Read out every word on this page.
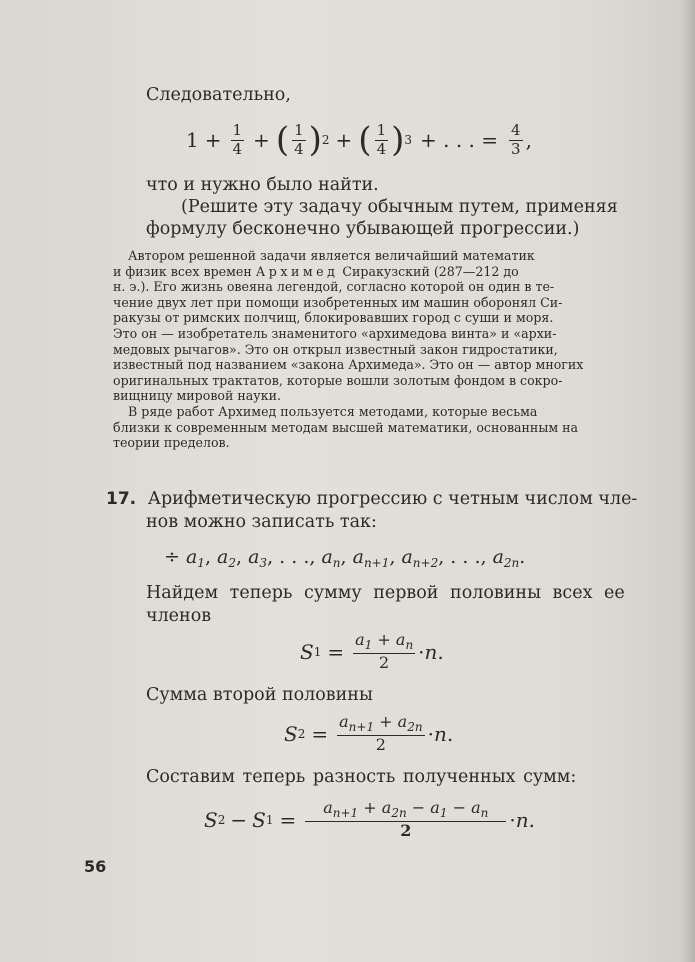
Следовательно,
$1 + \frac{1}{4}$ + ( $\frac{1}{4}$ ) 2 + ( $\frac{1}{4}$ ) 3 + . . . = $\frac{4}{3}$ ,
что и нужно было найти.
(Решите эту задачу обычным путем, применяя
формулу бесконечно убывающей прогрессии.)
Автором решенной задачи является величайший математик
и физик всех времен Архимед Сиракузский (287—212 до
н. э.). Его жизнь овеяна легендой, согласно которой он один в те-
чение двух лет при помощи изобретенных им машин оборонял Си-
ракузы от римских полчищ, блокировавших город с суши и моря.
Это он — изобретатель знаменитого «архимедова винта» и «архи-
медовых рычагов». Это он открыл известный закон гидростатики,
известный под названием «закона Архимеда». Это он — автор многих
оригинальных трактатов, которые вошли золотым фондом в сокро-
вищницу мировой науки.
В ряде работ Архимед пользуется методами, которые весьма
близки к современным методам высшей математики, основанным на
теории пределов.
17. Арифметическую прогрессию с четным числом чле-
нов можно записать так:
÷ $a_1$, $a_2$, $a_3$, . . ., $a_n$, $a_{n+1}$, $a_{n+2}$, . . ., $a_{2n}$.
Найдем теперь сумму первой половины всех ее
членов
S $1 = \frac{a_1 + a_n}{2} \cdot n$ .
Сумма второй половины
S $2 = \frac{a_{n+1} + a_{2n}}{2} \cdot n$ .
Составим теперь разность полученных сумм:
S 2 − S $1 = \frac{a_{n+1} + a_{2n} - a_1 - a_n}{2} \cdot n$ .
56
